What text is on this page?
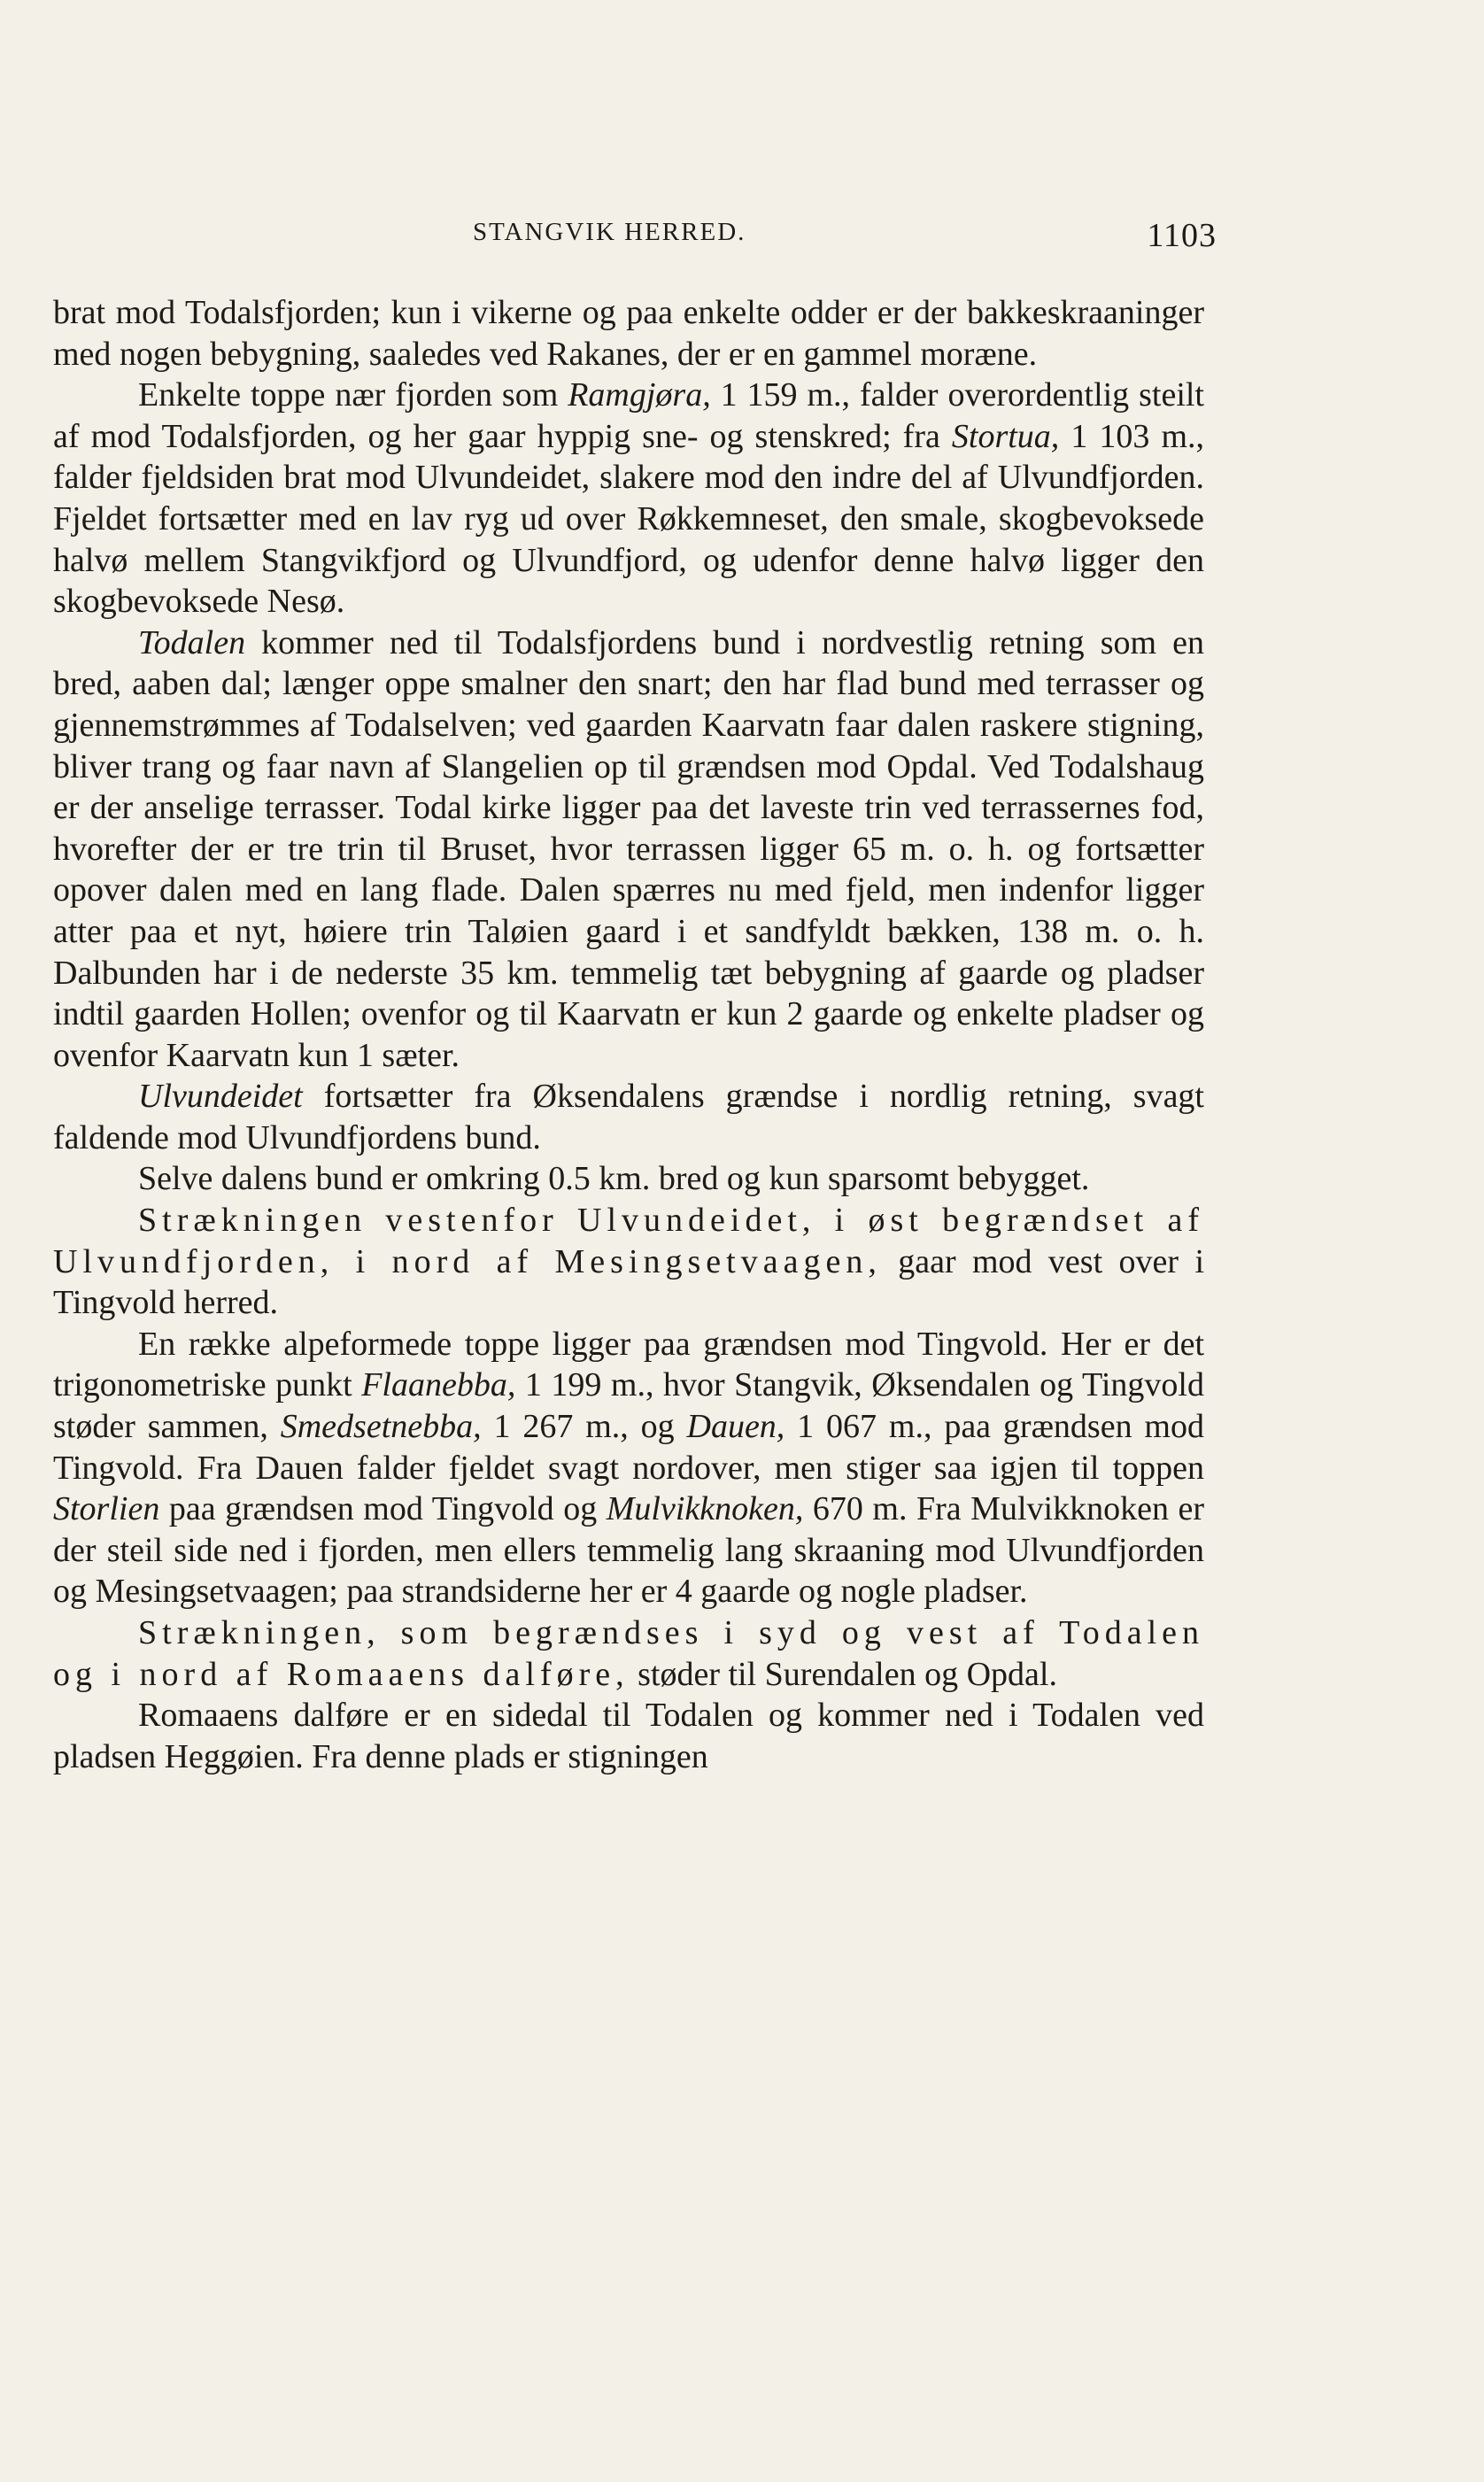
STANGVIK HERRED.	1103

brat mod Todalsfjorden; kun i vikerne og paa enkelte odder er der bakkeskraaninger med nogen bebygning, saaledes ved Rakanes, der er en gammel moræne.

Enkelte toppe nær fjorden som Ramgjøra, 1 159 m., falder overordentlig steilt af mod Todalsfjorden, og her gaar hyppig sne- og stenskred; fra Stortua, 1 103 m., falder fjeldsiden brat mod Ulvundeidet, slakere mod den indre del af Ulvundfjorden. Fjeldet fortsætter med en lav ryg ud over Røkkemneset, den smale, skogbevoksede halvø mellem Stangvikfjord og Ulvundfjord, og udenfor denne halvø ligger den skogbevoksede Nesø.

Todalen kommer ned til Todalsfjordens bund i nordvestlig retning som en bred, aaben dal; længer oppe smalner den snart; den har flad bund med terrasser og gjennemstrømmes af Todalselven; ved gaarden Kaarvatn faar dalen raskere stigning, bliver trang og faar navn af Slangelien op til grændsen mod Opdal. Ved Todalshaug er der anselige terrasser. Todal kirke ligger paa det laveste trin ved terrassernes fod, hvorefter der er tre trin til Bruset, hvor terrassen ligger 65 m. o. h. og fortsætter opover dalen med en lang flade. Dalen spærres nu med fjeld, men indenfor ligger atter paa et nyt, høiere trin Taløien gaard i et sandfyldt bækken, 138 m. o. h. Dalbunden har i de nederste 35 km. temmelig tæt bebygning af gaarde og pladser indtil gaarden Hollen; ovenfor og til Kaarvatn er kun 2 gaarde og enkelte pladser og ovenfor Kaarvatn kun 1 sæter.

Ulvundeidet fortsætter fra Øksendalens grændse i nordlig retning, svagt faldende mod Ulvundfjordens bund.

Selve dalens bund er omkring 0.5 km. bred og kun sparsomt bebygget.

Strækningen vestenfor Ulvundeidet, i øst begrændset af Ulvundfjorden, i nord af Mesingsetvaagen, gaar mod vest over i Tingvold herred.

En række alpeformede toppe ligger paa grændsen mod Tingvold. Her er det trigonometriske punkt Flaanebba, 1 199 m., hvor Stangvik, Øksendalen og Tingvold støder sammen, Smedsetnebba, 1 267 m., og Dauen, 1 067 m., paa grændsen mod Tingvold. Fra Dauen falder fjeldet svagt nordover, men stiger saa igjen til toppen Storlien paa grændsen mod Tingvold og Mulvikknoken, 670 m. Fra Mulvikknoken er der steil side ned i fjorden, men ellers temmelig lang skraaning mod Ulvundfjorden og Mesingsetvaagen; paa strandsiderne her er 4 gaarde og nogle pladser.

Strækningen, som begrændses i syd og vest af Todalen og i nord af Romaaens dalføre, støder til Surendalen og Opdal.

Romaaens dalføre er en sidedal til Todalen og kommer ned i Todalen ved pladsen Heggøien. Fra denne plads er stigningen
